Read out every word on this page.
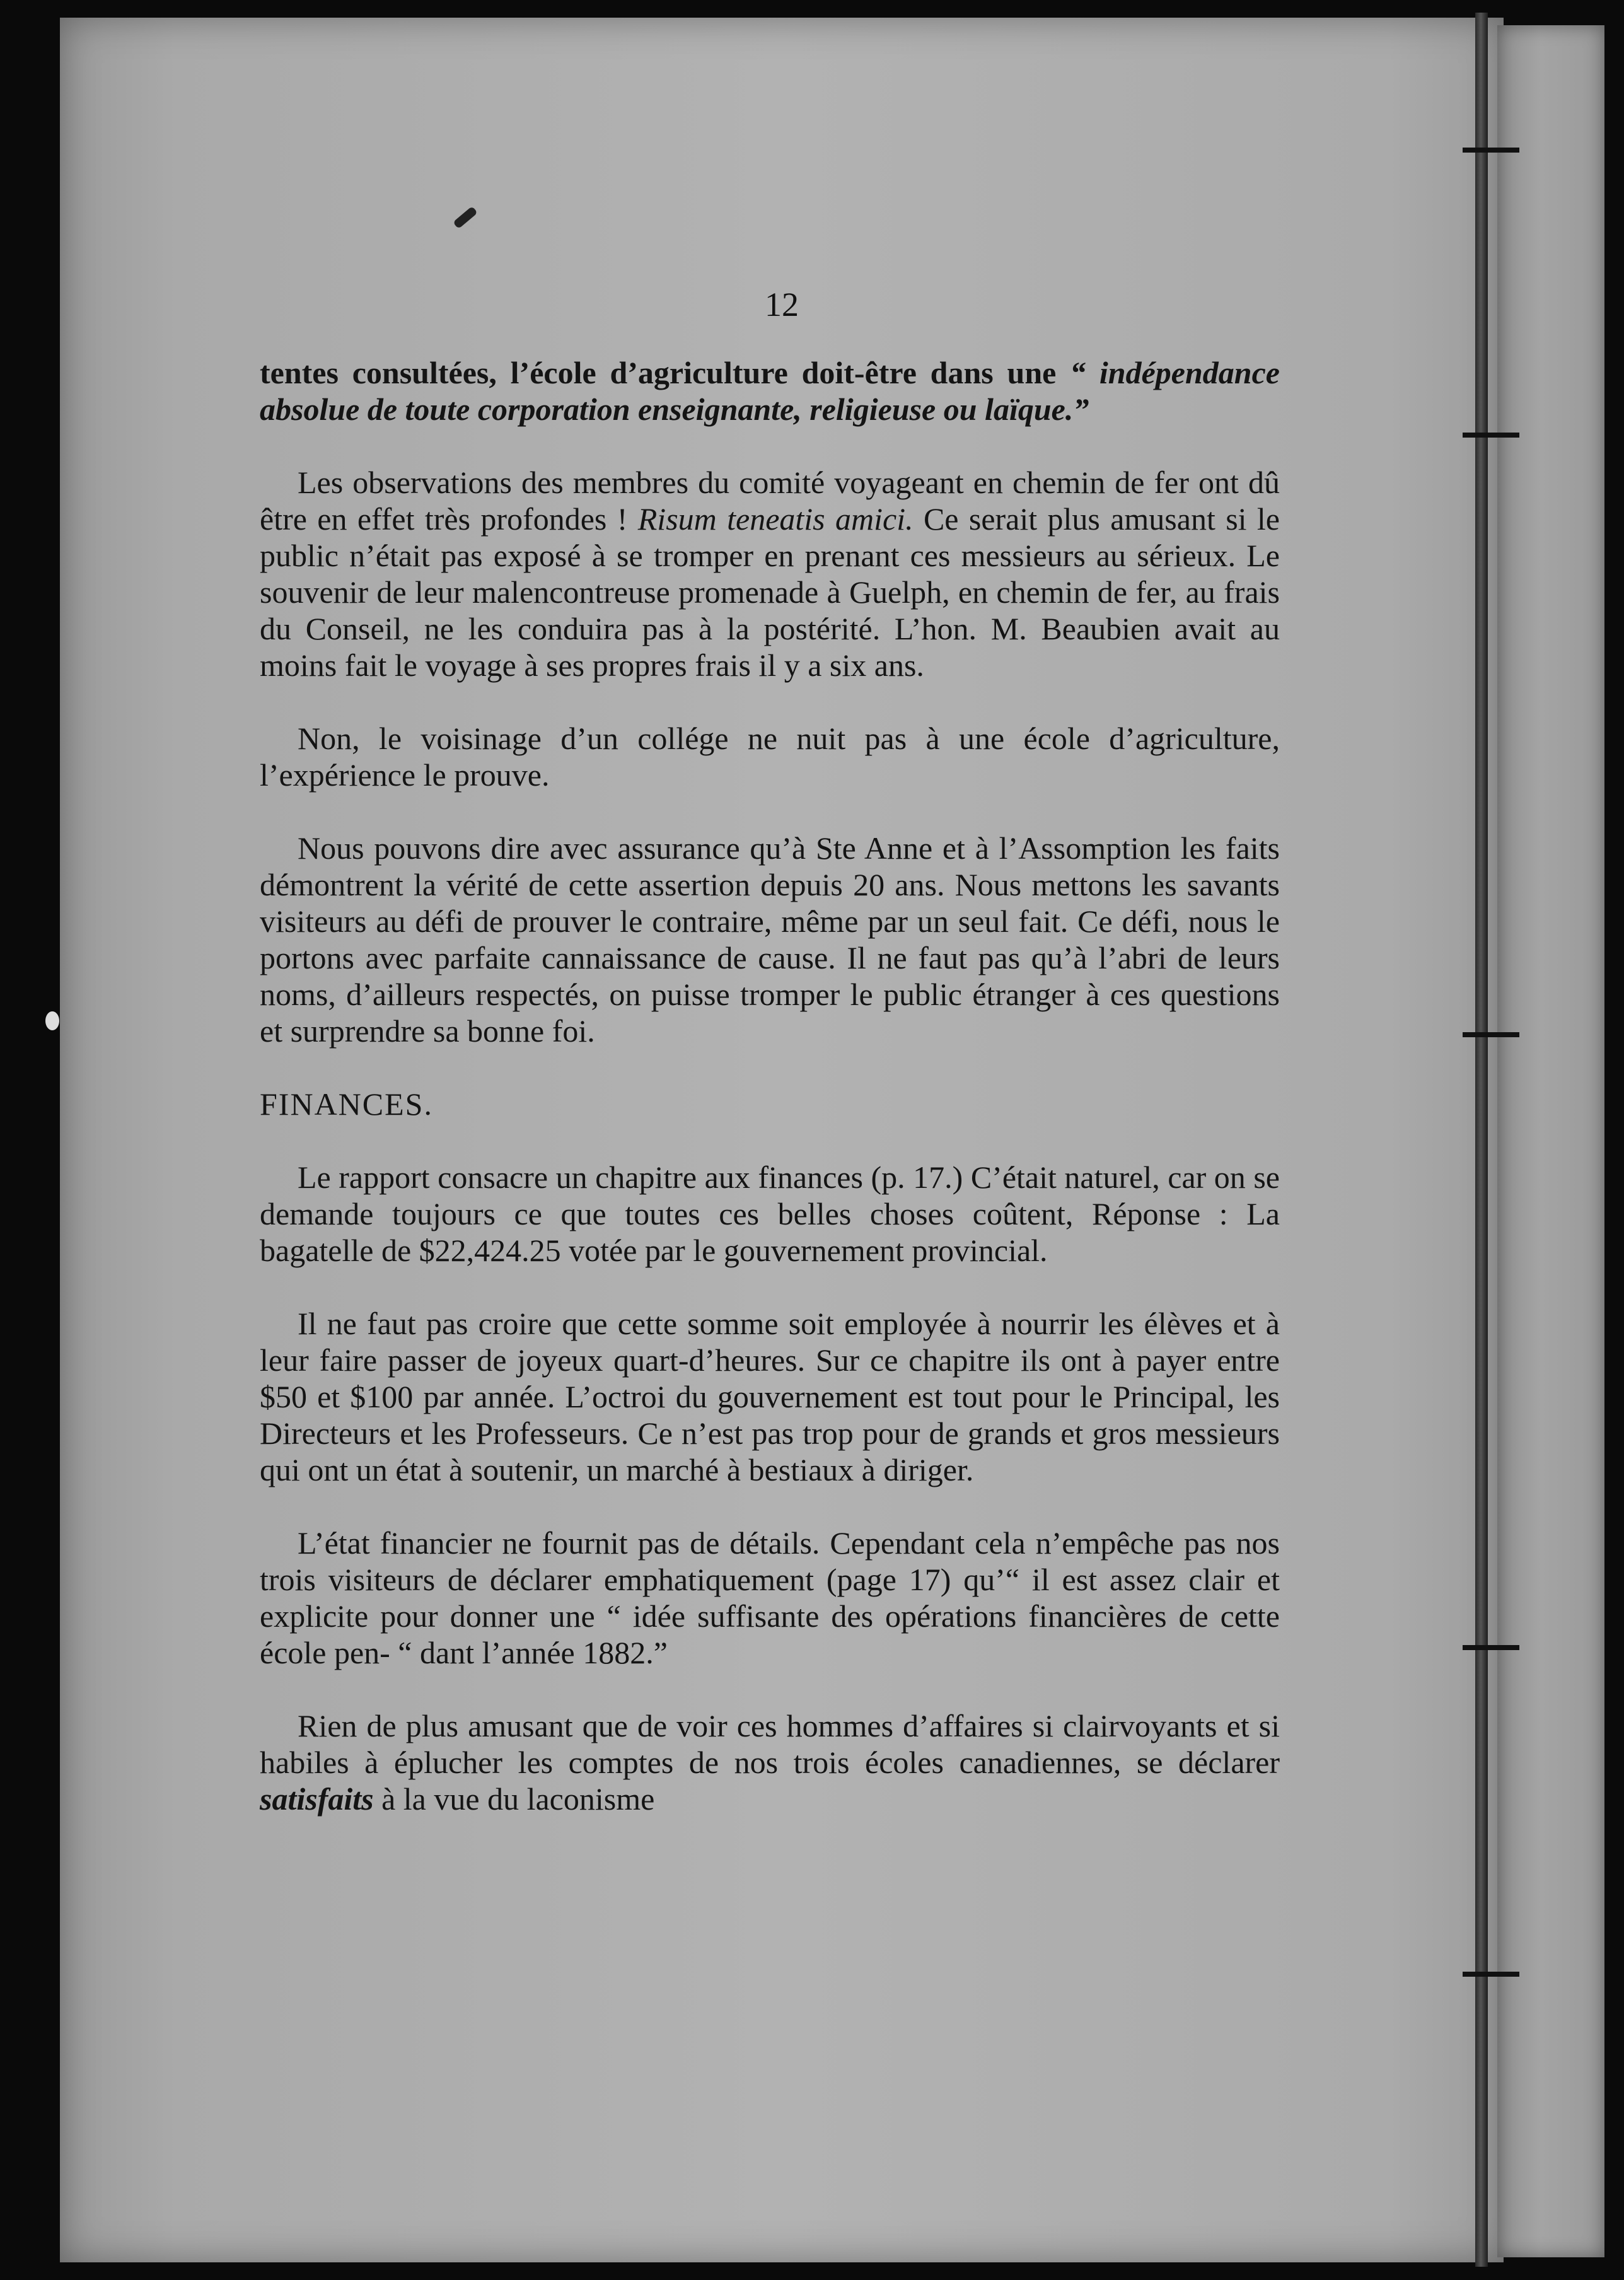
12

tentes consultées, l’école d’agriculture doit-être dans une “ indépendance absolue de toute corporation enseignante, religieuse ou laïque.”

Les observations des membres du comité voyageant en chemin de fer ont dû être en effet très profondes ! Risum teneatis amici. Ce serait plus amusant si le public n’était pas exposé à se tromper en prenant ces messieurs au sérieux. Le souvenir de leur malencontreuse promenade à Guelph, en chemin de fer, au frais du Conseil, ne les conduira pas à la postérité. L’hon. M. Beaubien avait au moins fait le voyage à ses propres frais il y a six ans.

Non, le voisinage d’un collége ne nuit pas à une école d’agriculture, l’expérience le prouve.

Nous pouvons dire avec assurance qu’à Ste Anne et à l’Assomption les faits démontrent la vérité de cette assertion depuis 20 ans. Nous mettons les savants visiteurs au défi de prouver le contraire, même par un seul fait. Ce défi, nous le portons avec parfaite cannaissance de cause. Il ne faut pas qu’à l’abri de leurs noms, d’ailleurs respectés, on puisse tromper le public étranger à ces questions et surprendre sa bonne foi.

FINANCES.

Le rapport consacre un chapitre aux finances (p. 17.) C’était naturel, car on se demande toujours ce que toutes ces belles choses coûtent, Réponse : La bagatelle de $22,424.25 votée par le gouvernement provincial.

Il ne faut pas croire que cette somme soit employée à nourrir les élèves et à leur faire passer de joyeux quart-d’heures. Sur ce chapitre ils ont à payer entre $50 et $100 par année. L’octroi du gouvernement est tout pour le Principal, les Directeurs et les Professeurs. Ce n’est pas trop pour de grands et gros messieurs qui ont un état à soutenir, un marché à bestiaux à diriger.

L’état financier ne fournit pas de détails. Cependant cela n’empêche pas nos trois visiteurs de déclarer emphatiquement (page 17) qu’“ il est assez clair et explicite pour donner une “ idée suffisante des opérations financières de cette école pen- “ dant l’année 1882.”

Rien de plus amusant que de voir ces hommes d’affaires si clairvoyants et si habiles à éplucher les comptes de nos trois écoles canadiennes, se déclarer satisfaits à la vue du laconisme
